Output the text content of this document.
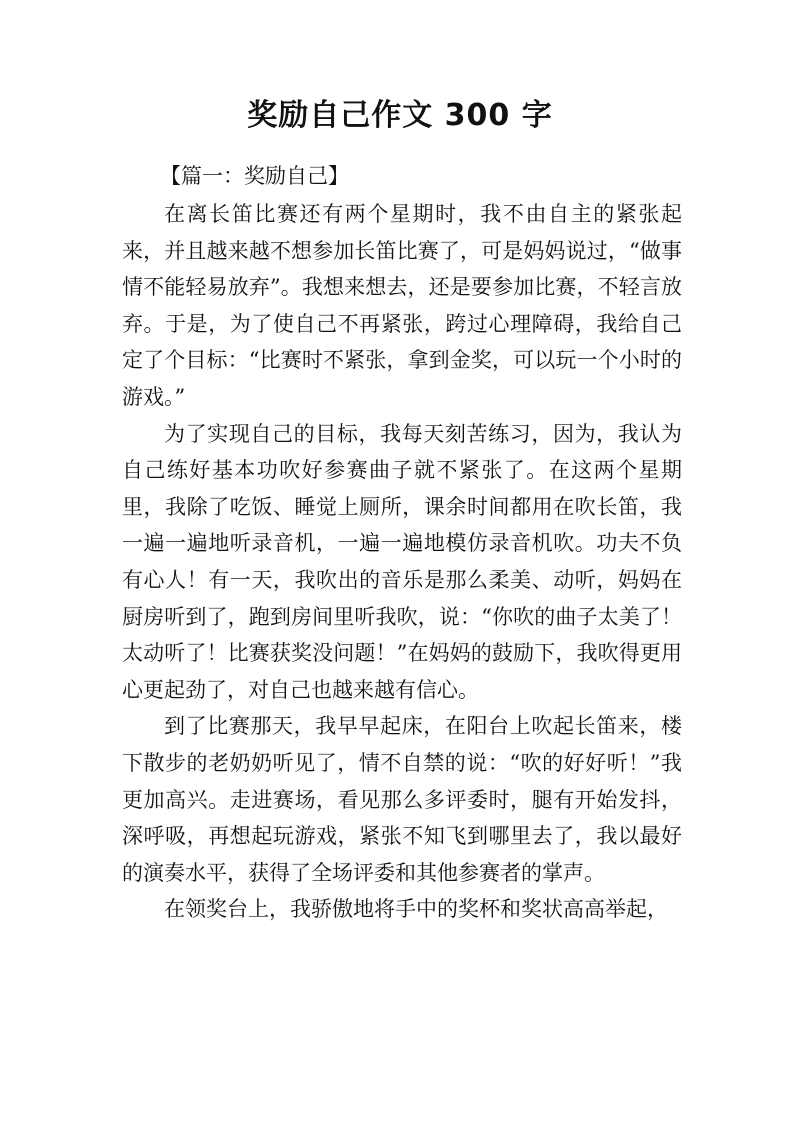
奖励自己作文 300 字

【篇一：奖励自己】

在离长笛比赛还有两个星期时，我不由自主的紧张起来，并且越来越不想参加长笛比赛了，可是妈妈说过，“做事情不能轻易放弃”。我想来想去，还是要参加比赛，不轻言放弃。于是，为了使自己不再紧张，跨过心理障碍，我给自己定了个目标：“比赛时不紧张，拿到金奖，可以玩一个小时的游戏。”

为了实现自己的目标，我每天刻苦练习，因为，我认为自己练好基本功吹好参赛曲子就不紧张了。在这两个星期里，我除了吃饭、睡觉上厕所，课余时间都用在吹长笛，我一遍一遍地听录音机，一遍一遍地模仿录音机吹。功夫不负有心人！有一天，我吹出的音乐是那么柔美、动听，妈妈在厨房听到了，跑到房间里听我吹，说：“你吹的曲子太美了！太动听了！比赛获奖没问题！”在妈妈的鼓励下，我吹得更用心更起劲了，对自己也越来越有信心。

到了比赛那天，我早早起床，在阳台上吹起长笛来，楼下散步的老奶奶听见了，情不自禁的说：“吹的好好听！”我更加高兴。走进赛场，看见那么多评委时，腿有开始发抖，深呼吸，再想起玩游戏，紧张不知飞到哪里去了，我以最好的演奏水平，获得了全场评委和其他参赛者的掌声。

在领奖台上，我骄傲地将手中的奖杯和奖状高高举起，
